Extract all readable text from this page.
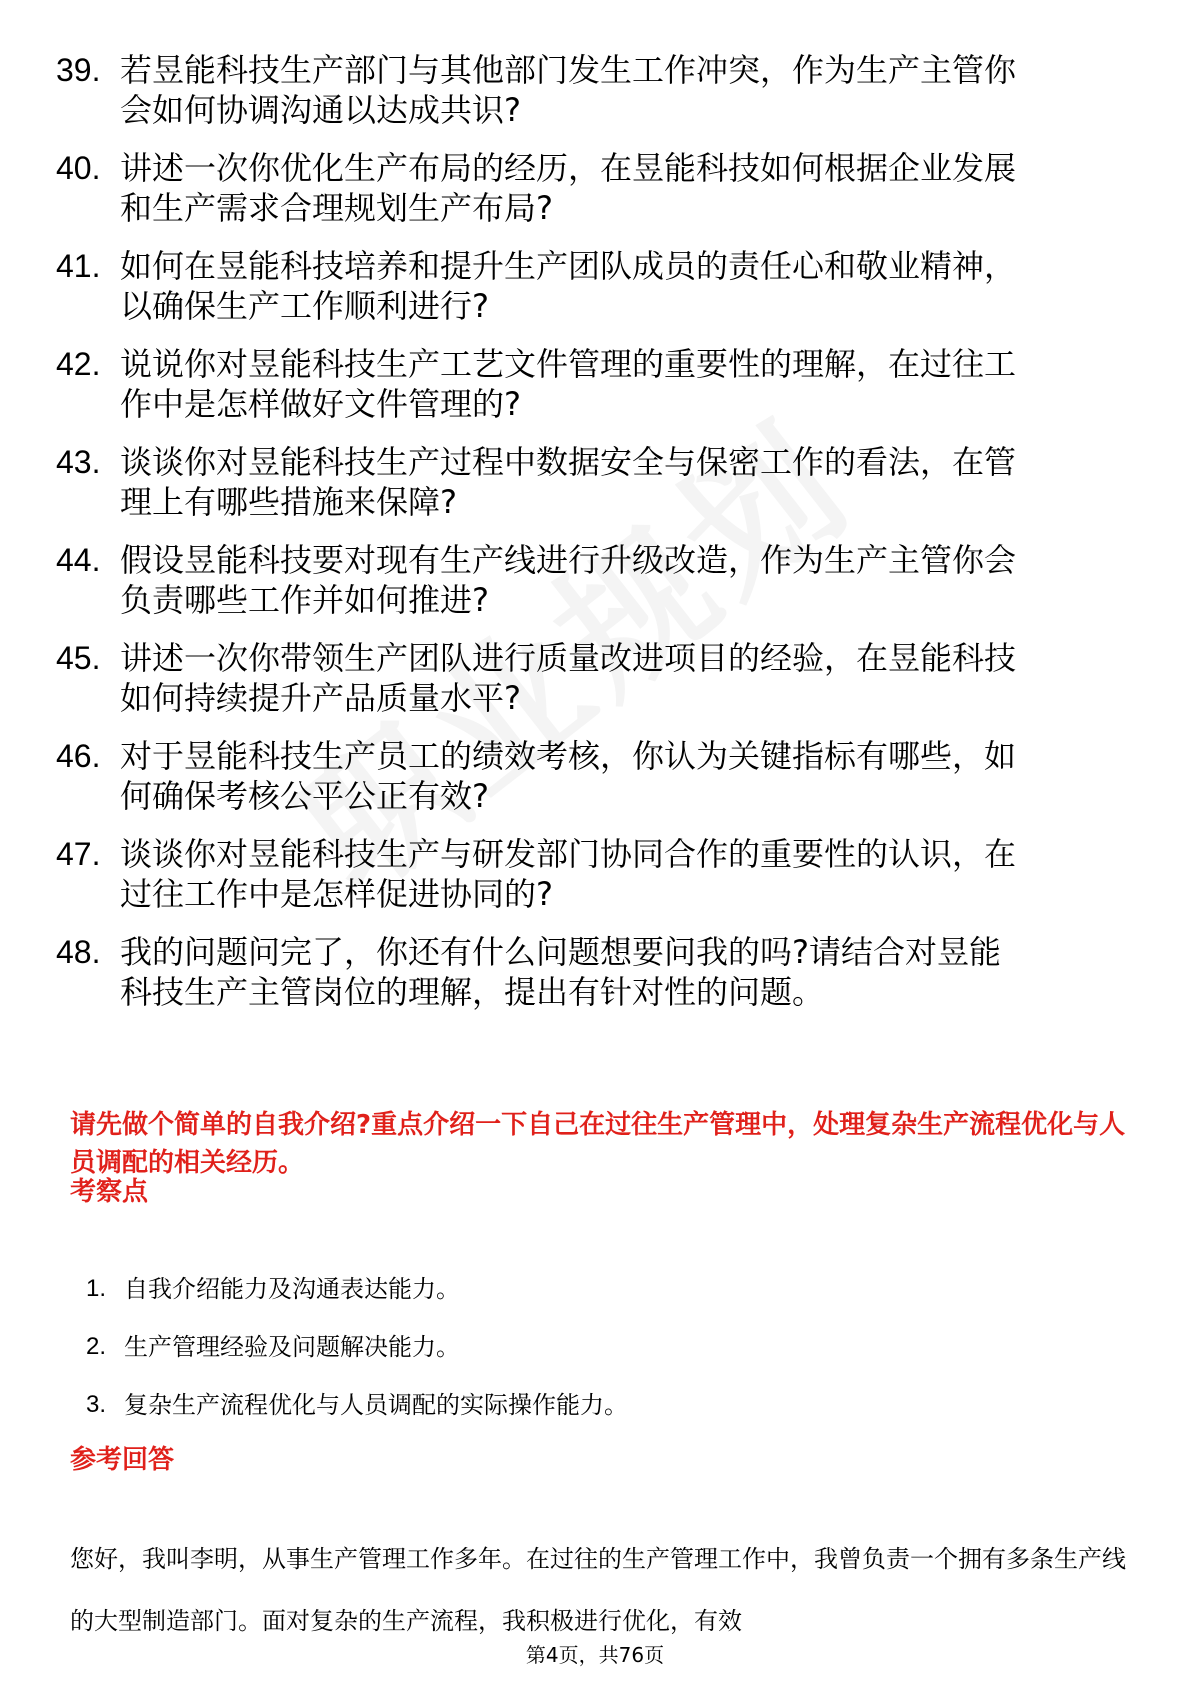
39. 若昱能科技生产部门与其他部门发生工作冲突，作为生产主管你
会如何协调沟通以达成共识?
40. 讲述一次你优化生产布局的经历，在昱能科技如何根据企业发展
和生产需求合理规划生产布局?
41. 如何在昱能科技培养和提升生产团队成员的责任心和敬业精神，
以确保生产工作顺利进行?
42. 说说你对昱能科技生产工艺文件管理的重要性的理解，在过往工
作中是怎样做好文件管理的?
43. 谈谈你对昱能科技生产过程中数据安全与保密工作的看法，在管
理上有哪些措施来保障?
44. 假设昱能科技要对现有生产线进行升级改造，作为生产主管你会
负责哪些工作并如何推进?
45. 讲述一次你带领生产团队进行质量改进项目的经验，在昱能科技
如何持续提升产品质量水平?
46. 对于昱能科技生产员工的绩效考核，你认为关键指标有哪些，如
何确保考核公平公正有效?
47. 谈谈你对昱能科技生产与研发部门协同合作的重要性的认识，在
过往工作中是怎样促进协同的?
48. 我的问题问完了，你还有什么问题想要问我的吗?请结合对昱能
科技生产主管岗位的理解，提出有针对性的问题。
请先做个简单的自我介绍?重点介绍一下自己在过往生产管理中，处理复杂生产流程优化与人员调配的相关经历。
考察点
1. 自我介绍能力及沟通表达能力。
2. 生产管理经验及问题解决能力。
3. 复杂生产流程优化与人员调配的实际操作能力。
参考回答
您好，我叫李明，从事生产管理工作多年。在过往的生产管理工作中，我曾负责一个拥有多条生产线的大型制造部门。面对复杂的生产流程，我积极进行优化，有效
第4页，共76页
